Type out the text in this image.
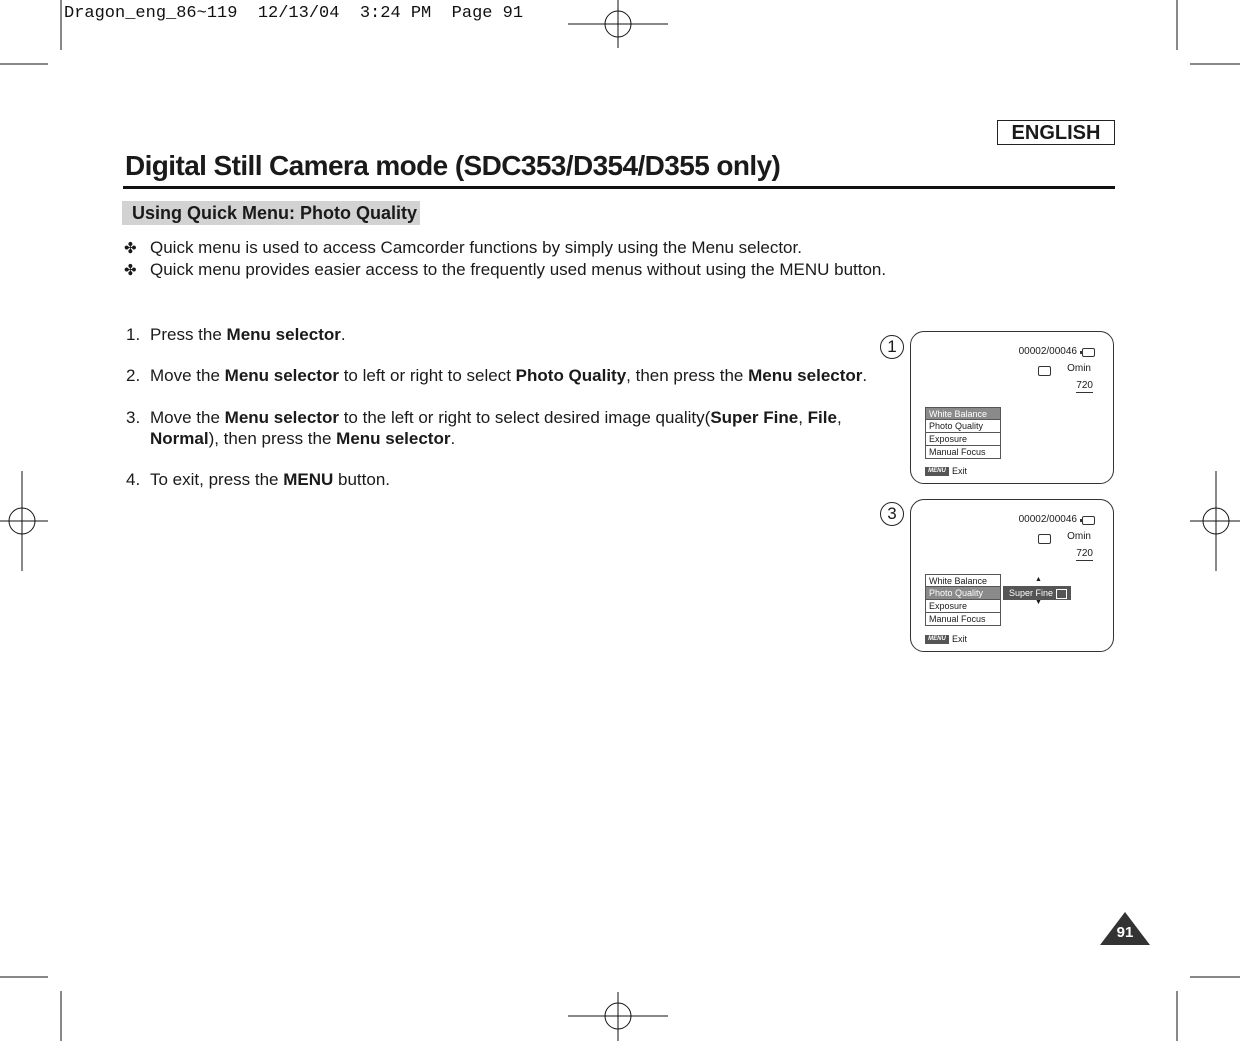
Dragon_eng_86~119  12/13/04  3:24 PM  Page 91
ENGLISH
Digital Still Camera mode (SDC353/D354/D355 only)
Using Quick Menu: Photo Quality
✤ Quick menu is used to access Camcorder functions by simply using the Menu selector.
✤ Quick menu provides easier access to the frequently used menus without using the MENU button.
1. Press the Menu selector.
2. Move the Menu selector to left or right to select Photo Quality, then press the Menu selector.
3. Move the Menu selector to the left or right to select desired image quality(Super Fine, File,
Normal), then press the Menu selector.
4. To exit, press the MENU button.
1	00002/00046
Omin
720
White Balance
Photo Quality
Exposure
Manual Focus
MENU Exit
3	00002/00046
Omin
720
White Balance
Photo Quality
Exposure
Manual Focus
▲
Super Fine
▼
MENU Exit
91
